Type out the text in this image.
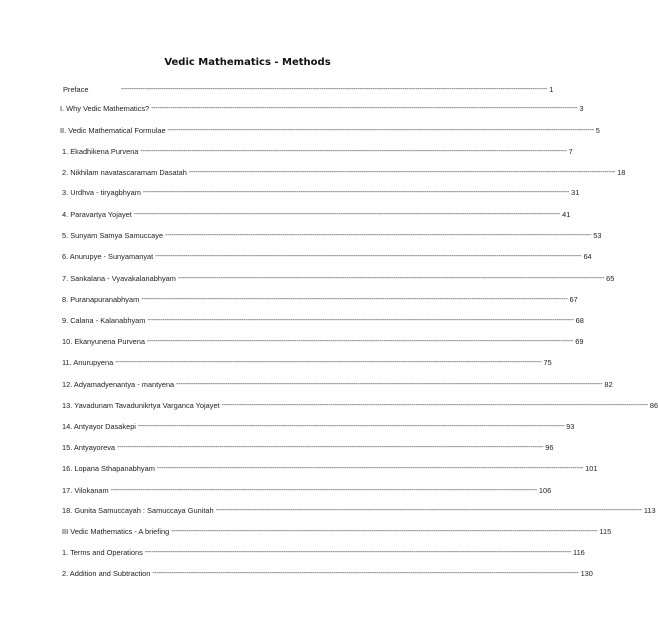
Vedic Mathematics - Methods
Preface	-------------------------------------------------------------------------------------------------------------------------------------------------------------------------------------------------------- 1
I. Why Vedic Mathematics? -------------------------------------------------------------------------------------------------------------------------------------------------------------------------------------------------------- 3
II. Vedic Mathematical Formulae -------------------------------------------------------------------------------------------------------------------------------------------------------------------------------------------------------- 5
1. Ekadhikena Purvena -------------------------------------------------------------------------------------------------------------------------------------------------------------------------------------------------------- 7
2. Nikhilam navatascaramam Dasatah -------------------------------------------------------------------------------------------------------------------------------------------------------------------------------------------------------- 18
3. Urdhva - tiryagbhyam -------------------------------------------------------------------------------------------------------------------------------------------------------------------------------------------------------- 31
4. Paravartya Yojayet -------------------------------------------------------------------------------------------------------------------------------------------------------------------------------------------------------- 41
5. Sunyam Samya Samuccaye -------------------------------------------------------------------------------------------------------------------------------------------------------------------------------------------------------- 53
6. Anurupye - Sunyamanyat -------------------------------------------------------------------------------------------------------------------------------------------------------------------------------------------------------- 64
7. Sankalana - Vyavakalanabhyam -------------------------------------------------------------------------------------------------------------------------------------------------------------------------------------------------------- 65
8. Puranapuranabhyam -------------------------------------------------------------------------------------------------------------------------------------------------------------------------------------------------------- 67
9. Calana - Kalanabhyam -------------------------------------------------------------------------------------------------------------------------------------------------------------------------------------------------------- 68
10. Ekanyunena Purvena -------------------------------------------------------------------------------------------------------------------------------------------------------------------------------------------------------- 69
11. Anurupyena -------------------------------------------------------------------------------------------------------------------------------------------------------------------------------------------------------- 75
12. Adyamadyenantya - mantyena -------------------------------------------------------------------------------------------------------------------------------------------------------------------------------------------------------- 82
13. Yavadunam Tavadunikrtya Varganca Yojayet -------------------------------------------------------------------------------------------------------------------------------------------------------------------------------------------------------- 86
14. Antyayor Dasakepi -------------------------------------------------------------------------------------------------------------------------------------------------------------------------------------------------------- 93
15. Antyayoreva -------------------------------------------------------------------------------------------------------------------------------------------------------------------------------------------------------- 96
16. Lopana Sthapanabhyam -------------------------------------------------------------------------------------------------------------------------------------------------------------------------------------------------------- 101
17. Vilokanam -------------------------------------------------------------------------------------------------------------------------------------------------------------------------------------------------------- 106
18. Gunita Samuccayah : Samuccaya Gunitah -------------------------------------------------------------------------------------------------------------------------------------------------------------------------------------------------------- 113
III Vedic Mathematics - A briefing -------------------------------------------------------------------------------------------------------------------------------------------------------------------------------------------------------- 115
1. Terms and Operations -------------------------------------------------------------------------------------------------------------------------------------------------------------------------------------------------------- 116
2. Addition and Subtraction -------------------------------------------------------------------------------------------------------------------------------------------------------------------------------------------------------- 130
